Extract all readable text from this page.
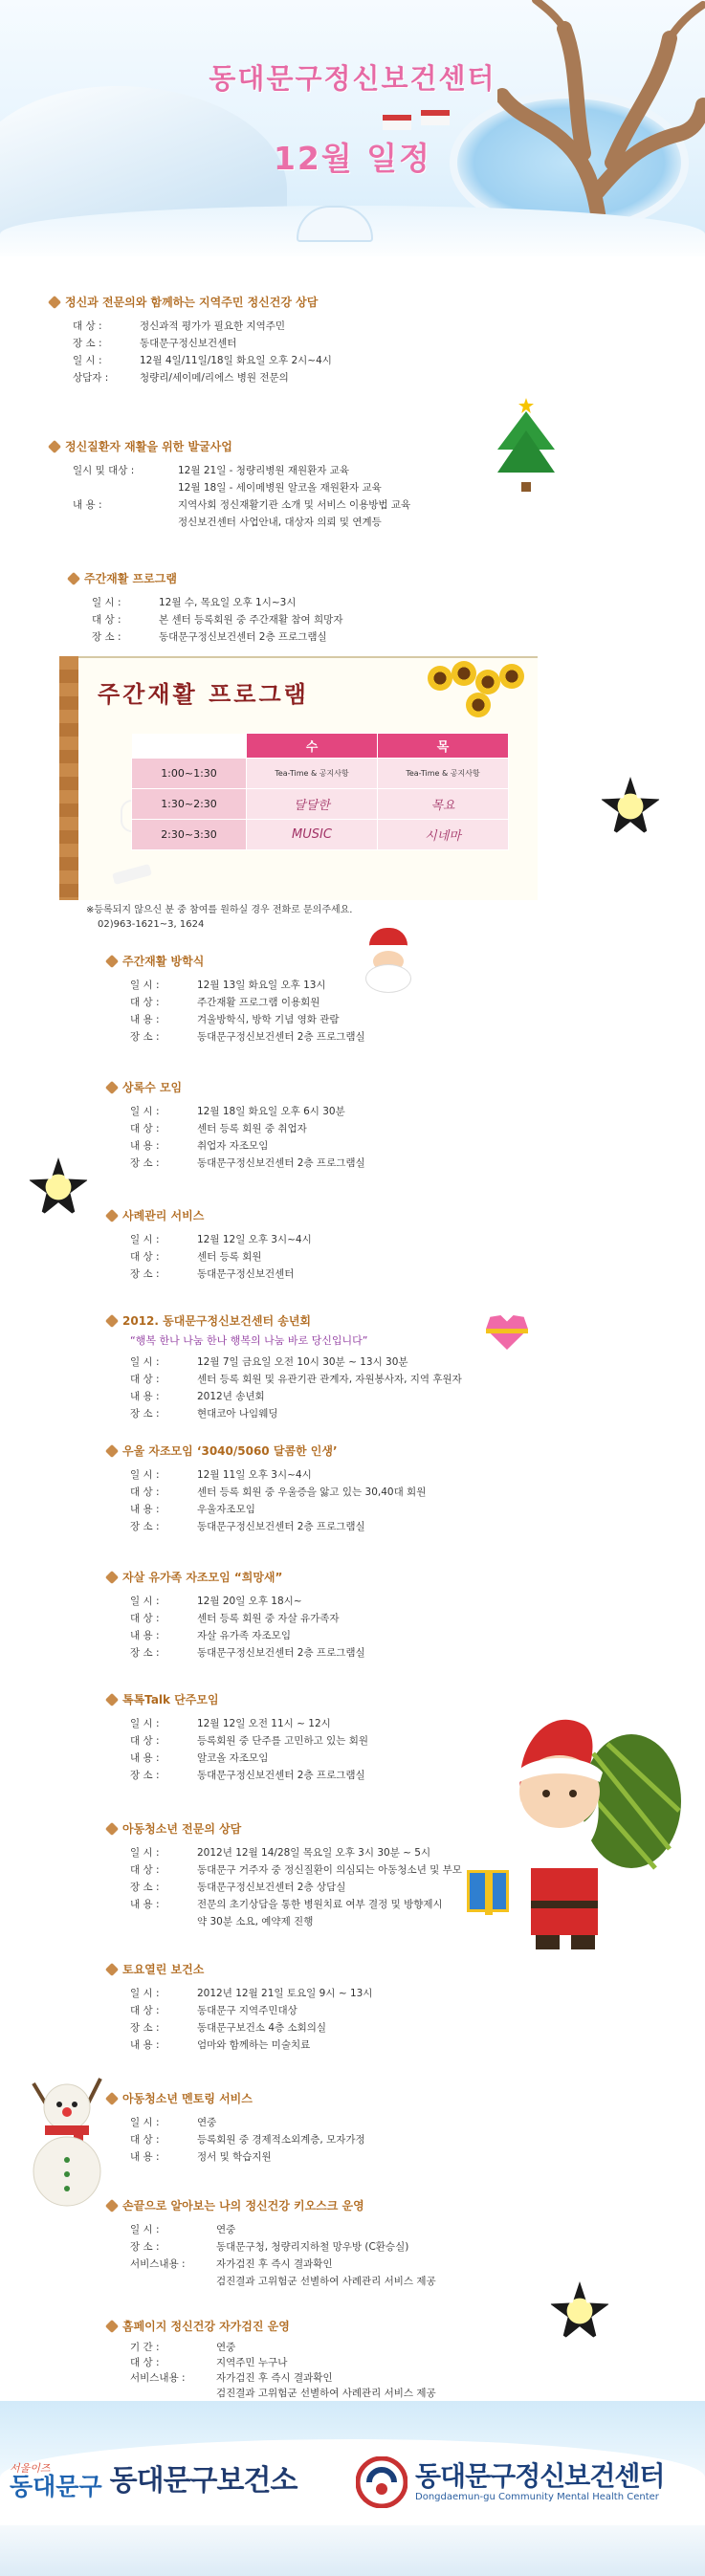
동대문구정신보건센터
12월 일정
정신과 전문의와 함께하는 지역주민 정신건강 상담
대 상 :	정신과적 평가가 필요한 지역주민
장 소 :	동대문구정신보건센터
일 시 :	12월 4일/11일/18일 화요일 오후 2시~4시
상담자 :	청량리/세이메/리에스 병원 전문의
정신질환자 재활을 위한 발굴사업
일시 및 대상 :	12월 21일 - 청량리병원 재원환자 교육
12월 18일 - 세이메병원 알코올 재원환자 교육
내 용 :	지역사회 정신재활기관 소개 및 서비스 이용방법 교육
정신보건센터 사업안내, 대상자 의뢰 및 연계등
주간재활 프로그램
일 시 :	12월 수, 목요일 오후 1시~3시
대 상 :	본 센터 등록회원 중 주간재활 참여 희망자
장 소 :	동대문구정신보건센터 2층 프로그램실
주간재활 프로그램
	수	목
1:00~1:30	Tea-Time & 공지사항	Tea-Time & 공지사항
1:30~2:30	달달한	목요
2:30~3:30	MUSIC	시네마
※등록되지 않으신 분 중 참여를 원하실 경우 전화로 문의주세요.
02)963-1621~3, 1624
주간재활 방학식
일 시 :	12월 13일 화요일 오후 13시
대 상 :	주간재활 프로그램 이용회원
내 용 :	겨울방학식, 방학 기념 영화 관람
장 소 :	동대문구정신보건센터 2층 프로그램실
상록수 모임
일 시 :	12월 18일 화요일 오후 6시 30분
대 상 :	센터 등록 회원 중 취업자
내 용 :	취업자 자조모임
장 소 :	동대문구정신보건센터 2층 프로그램실
사례관리 서비스
일 시 :	12월 12일 오후 3시~4시
대 상 :	센터 등록 회원
장 소 :	동대문구정신보건센터
2012. 동대문구정신보건센터 송년회
“행복 한나 나눔 한나 행복의 나눔 바로 당신입니다”
일 시 :	12월 7일 금요일 오전 10시 30분 ~ 13시 30분
대 상 :	센터 등록 회원 및 유관기관 관계자, 자원봉사자, 지역 후원자
내 용 :	2012년 송년회
장 소 :	현대코아 나임웨딩
우울 자조모임 ‘3040/5060 달콤한 인생’
일 시 :	12월 11일 오후 3시~4시
대 상 :	센터 등록 회원 중 우울증을 앓고 있는 30,40대 회원
내 용 :	우울자조모임
장 소 :	동대문구정신보건센터 2층 프로그램실
자살 유가족 자조모임 “희망새”
일 시 :	12월 20일 오후 18시~
대 상 :	센터 등록 회원 중 자살 유가족자
내 용 :	자살 유가족 자조모임
장 소 :	동대문구정신보건센터 2층 프로그램실
톡톡Talk 단주모임
일 시 :	12월 12일 오전 11시 ~ 12시
대 상 :	등록회원 중 단주를 고민하고 있는 회원
내 용 :	알코올 자조모임
장 소 :	동대문구정신보건센터 2층 프로그램실
아동청소년 전문의 상담
일 시 :	2012년 12월 14/28일 목요일 오후 3시 30분 ~ 5시
대 상 :	동대문구 거주자 중 정신질환이 의심되는 아동청소년 및 부모
장 소 :	동대문구정신보건센터 2층 상담실
내 용 :	전문의 초기상담을 통한 병원치료 여부 결정 및 방향제시
약 30분 소요, 예약제 진행
토요열린 보건소
일 시 :	2012년 12월 21일 토요일 9시 ~ 13시
대 상 :	동대문구 지역주민대상
장 소 :	동대문구보건소 4층 소회의실
내 용 :	엄마와 함께하는 미술치료
아동청소년 멘토링 서비스
일 시 :	연중
대 상 :	등록회원 중 경제적소외계층, 모자가정
내 용 :	정서 및 학습지원
손끝으로 알아보는 나의 정신건강 키오스크 운영
일 시 :	연중
장 소 :	동대문구청, 청량리지하철 망우방 (C환승실)
서비스내용 :	자가검진 후 즉시 결과확인
검진결과 고위험군 선별하여 사례관리 서비스 제공
홈페이지 정신건강 자가검진 운영
기 간 :	연중
대 상 :	지역주민 누구나
서비스내용 :	자가검진 후 즉시 결과확인
검진결과 고위험군 선별하여 사례관리 서비스 제공
서울이즈
동대문구 동대문구보건소	동대문구정신보건센터
Dongdaemun-gu Community Mental Health Center
